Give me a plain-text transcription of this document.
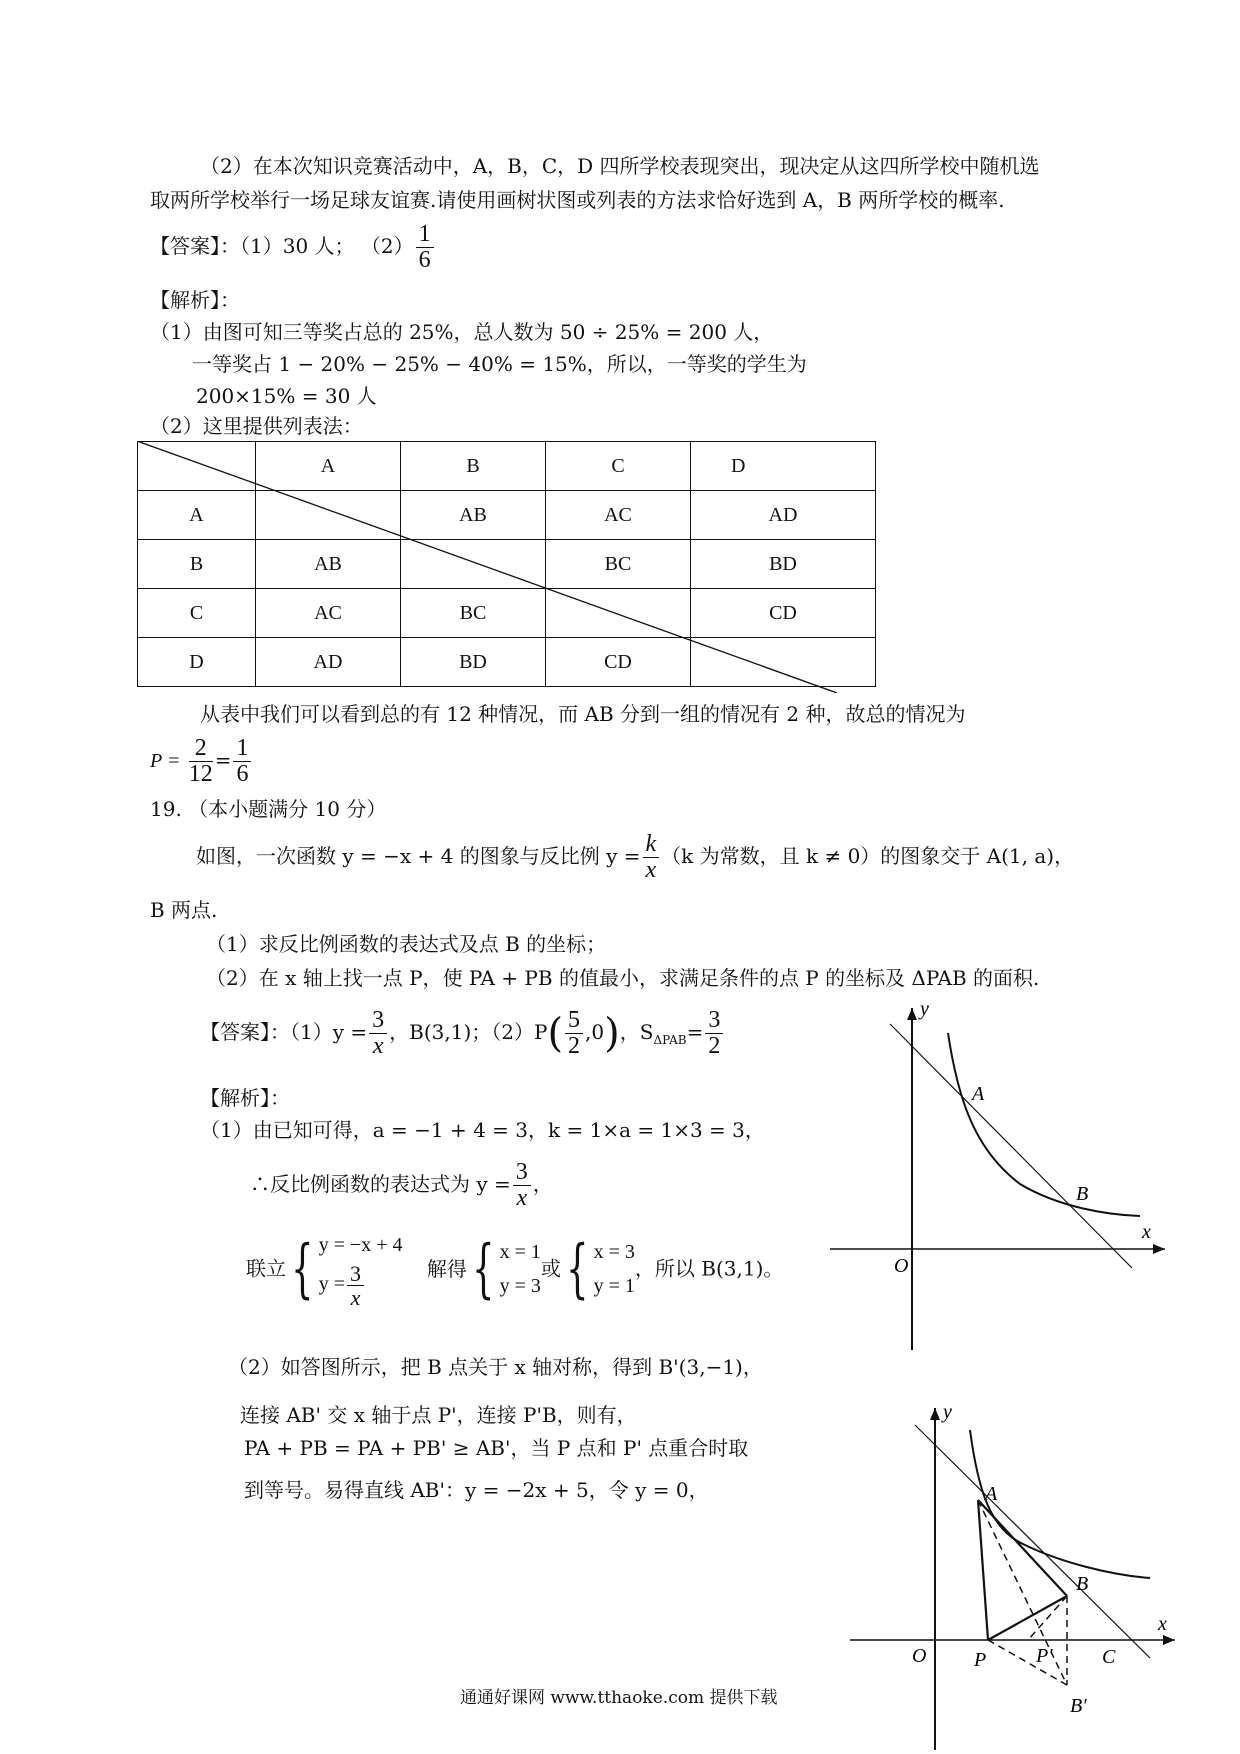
（2）在本次知识竞赛活动中，A，B，C，D 四所学校表现突出，现决定从这四所学校中随机选
取两所学校举行一场足球友谊赛.请使用画树状图或列表的方法求恰好选到 A，B 两所学校的概率.
【答案】：（1）30 人； $(2) \frac{1}{6}$
【解析】：
（1）由图可知三等奖占总的 25%，总人数为 50 ÷ 25% = 200 人，
一等奖占 1 − 20% − 25% − 40% = 15%，所以，一等奖的学生为
200×15% = 30 人
（2）这里提供列表法：
	A	B	C	D
A		AB	AC	AD
B	AB		BC	BD
C	AC	BC		CD
D	AD	BD	CD	
从表中我们可以看到总的有 12 种情况，而 AB 分到一组的情况有 2 种，故总的情况为
$P = \frac{2}{12} = \frac{1}{6}$
19. （本小题满分 10 分）
如图，一次函数 y = −x + 4 的图象与反比例 $y = \frac{k}{x} (k$ 为常数，且 k ≠ 0）的图象交于 A(1, a)，
B 两点.
（1）求反比例函数的表达式及点 B 的坐标；
（2）在 x 轴上找一点 P，使 PA + PB 的值最小，求满足条件的点 P 的坐标及 ΔPAB 的面积.
【答案】：$(1)y = \frac{3}{x}$ ，B(3,1)；$(2)P( \frac{5}{2} ,0)$，$S_{\Delta PAB}= \frac{3}{2}$
【解析】：
（1）由已知可得，a = −1 + 4 = 3，k = 1×a = 1×3 = 3，
∴反比例函数的表达式为 $y = \frac{3}{x}$ ，
联立{ y = −x + 4
$y = \frac{3}{x}$	解得{ x = 1
y = 3
或{ x = 3
y = 1
，所以 B(3,1)。
（2）如答图所示，把 B 点关于 x 轴对称，得到 B'(3,−1)，
连接 AB' 交 x 轴于点 P'，连接 P'B，则有，
PA + PB = PA + PB' ≥ AB'，当 P 点和 P' 点重合时取
到等号。易得直线 AB'：y = −2x + 5，令 y = 0，
y
x
O
A
B
y
x
O
A
B
P P' C
B'
通通好课网 www.tthaoke.com 提供下载
